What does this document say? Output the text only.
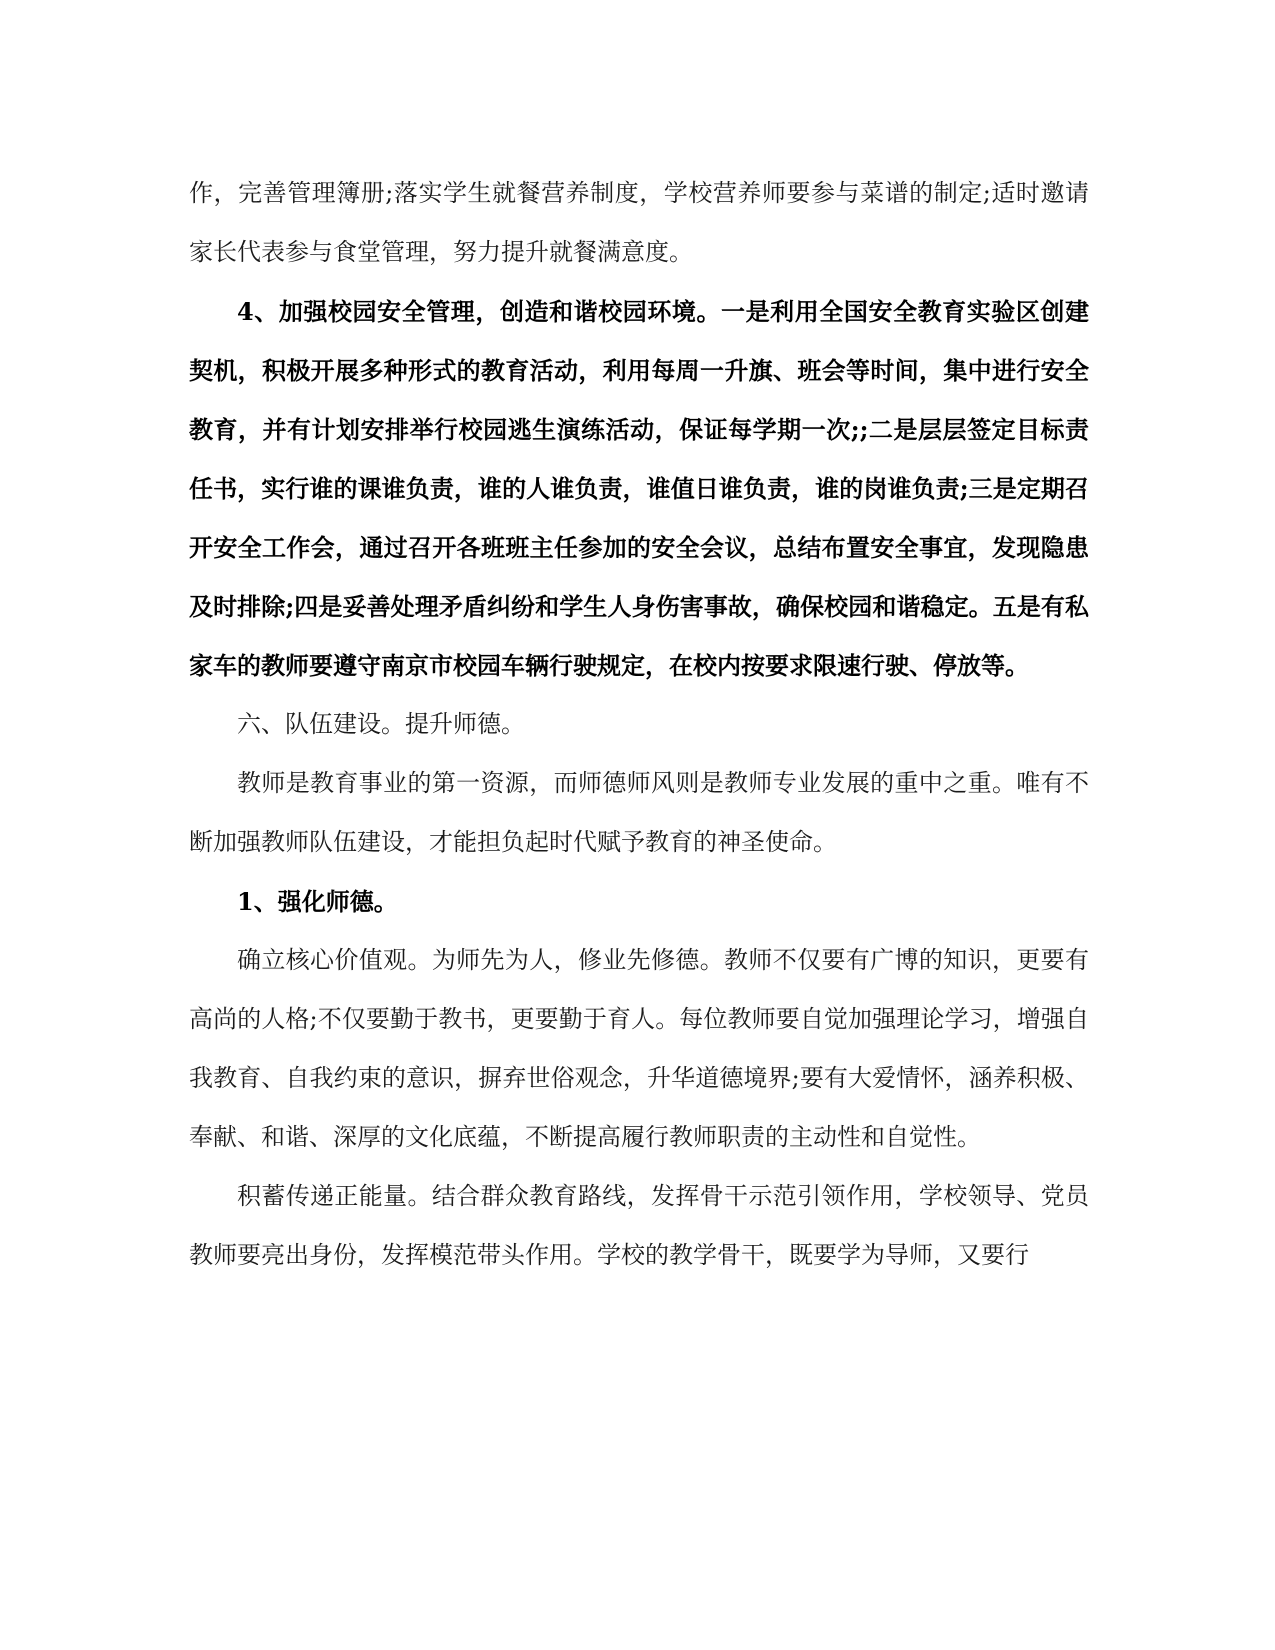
作，完善管理簿册;落实学生就餐营养制度，学校营养师要参与菜谱的制定;适时邀请家长代表参与食堂管理，努力提升就餐满意度。

4、加强校园安全管理，创造和谐校园环境。一是利用全国安全教育实验区创建契机，积极开展多种形式的教育活动，利用每周一升旗、班会等时间，集中进行安全教育，并有计划安排举行校园逃生演练活动，保证每学期一次;;二是层层签定目标责任书，实行谁的课谁负责，谁的人谁负责，谁值日谁负责，谁的岗谁负责;三是定期召开安全工作会，通过召开各班班主任参加的安全会议，总结布置安全事宜，发现隐患及时排除;四是妥善处理矛盾纠纷和学生人身伤害事故，确保校园和谐稳定。五是有私家车的教师要遵守南京市校园车辆行驶规定，在校内按要求限速行驶、停放等。

六、队伍建设。提升师德。

教师是教育事业的第一资源，而师德师风则是教师专业发展的重中之重。唯有不断加强教师队伍建设，才能担负起时代赋予教育的神圣使命。

1、强化师德。

确立核心价值观。为师先为人，修业先修德。教师不仅要有广博的知识，更要有高尚的人格;不仅要勤于教书，更要勤于育人。每位教师要自觉加强理论学习，增强自我教育、自我约束的意识，摒弃世俗观念，升华道德境界;要有大爱情怀，涵养积极、奉献、和谐、深厚的文化底蕴，不断提高履行教师职责的主动性和自觉性。

积蓄传递正能量。结合群众教育路线，发挥骨干示范引领作用，学校领导、党员教师要亮出身份，发挥模范带头作用。学校的教学骨干，既要学为导师，又要行
